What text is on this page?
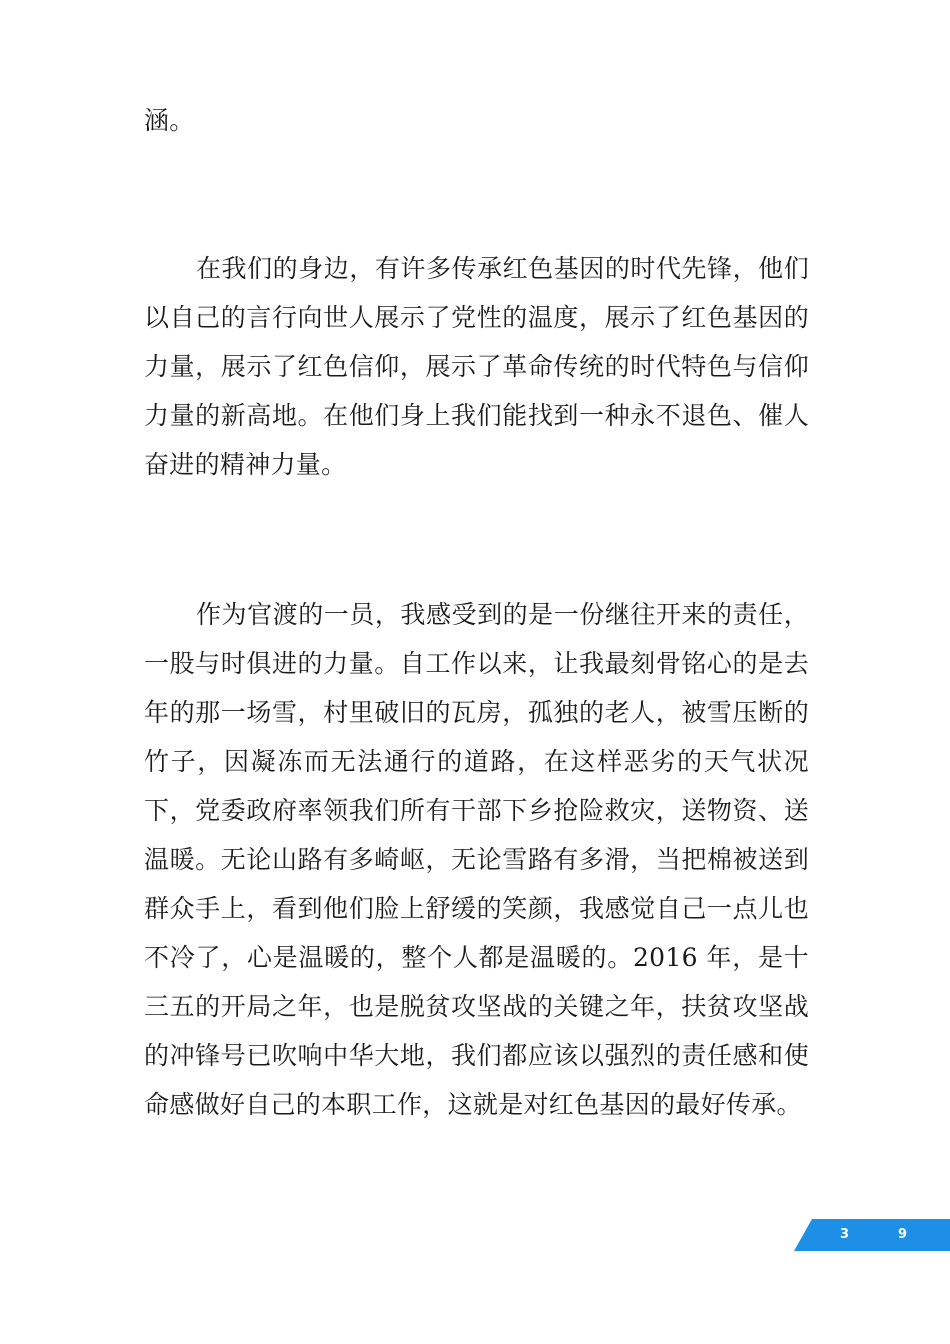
涵。

在我们的身边，有许多传承红色基因的时代先锋，他们以自己的言行向世人展示了党性的温度，展示了红色基因的力量，展示了红色信仰，展示了革命传统的时代特色与信仰力量的新高地。在他们身上我们能找到一种永不退色、催人奋进的精神力量。

作为官渡的一员，我感受到的是一份继往开来的责任，一股与时俱进的力量。自工作以来，让我最刻骨铭心的是去年的那一场雪，村里破旧的瓦房，孤独的老人，被雪压断的竹子，因凝冻而无法通行的道路，在这样恶劣的天气状况下，党委政府率领我们所有干部下乡抢险救灾，送物资、送温暖。无论山路有多崎岖，无论雪路有多滑，当把棉被送到群众手上，看到他们脸上舒缓的笑颜，我感觉自己一点儿也不冷了，心是温暖的，整个人都是温暖的。2016 年，是十三五的开局之年，也是脱贫攻坚战的关键之年，扶贫攻坚战的冲锋号已吹响中华大地，我们都应该以强烈的责任感和使命感做好自己的本职工作，这就是对红色基因的最好传承。

3	9
